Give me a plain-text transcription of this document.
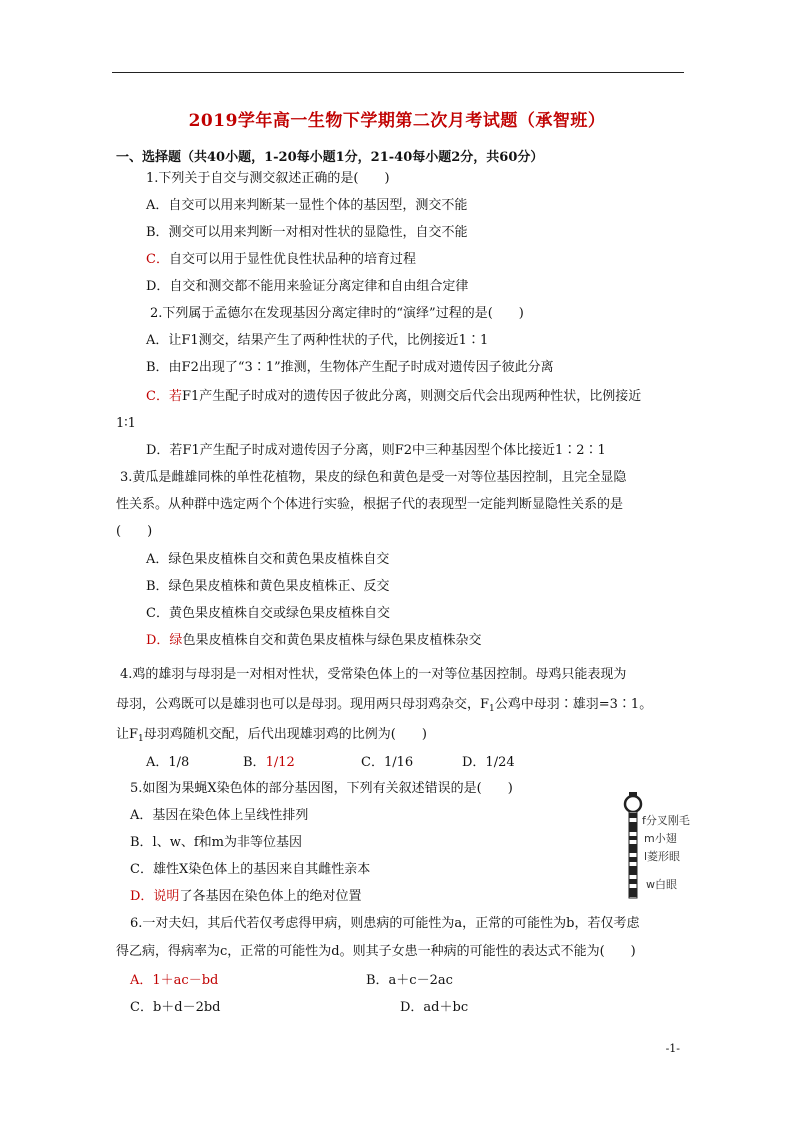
2019学年高一生物下学期第二次月考试题（承智班）
一、选择题（共40小题，1-20每小题1分，21-40每小题2分，共60分）
1.下列关于自交与测交叙述正确的是(　　)
A．自交可以用来判断某一显性个体的基因型，测交不能
B．测交可以用来判断一对相对性状的显隐性，自交不能
C．自交可以用于显性优良性状品种的培育过程
D．自交和测交都不能用来验证分离定律和自由组合定律
2.下列属于孟德尔在发现基因分离定律时的“演绎”过程的是(　　)
A．让F1测交，结果产生了两种性状的子代，比例接近1∶1
B．由F2出现了“3∶1”推测，生物体产生配子时成对遗传因子彼此分离
C．若F1产生配子时成对的遗传因子彼此分离，则测交后代会出现两种性状，比例接近
1∶1
D．若F1产生配子时成对遗传因子分离，则F2中三种基因型个体比接近1∶2∶1
3.黄瓜是雌雄同株的单性花植物，果皮的绿色和黄色是受一对等位基因控制，且完全显隐
性关系。从种群中选定两个个体进行实验，根据子代的表现型一定能判断显隐性关系的是
(　　)
A．绿色果皮植株自交和黄色果皮植株自交
B．绿色果皮植株和黄色果皮植株正、反交
C．黄色果皮植株自交或绿色果皮植株自交
D．绿色果皮植株自交和黄色果皮植株与绿色果皮植株杂交
4.鸡的雄羽与母羽是一对相对性状，受常染色体上的一对等位基因控制。母鸡只能表现为
母羽，公鸡既可以是雄羽也可以是母羽。现用两只母羽鸡杂交，$F_1$公鸡中母羽∶雄羽=3∶1。
让$F_1$母羽鸡随机交配，后代出现雄羽鸡的比例为(　　)
A．1/8	B．1/12	C．1/16	D．1/24
5.如图为果蝇X染色体的部分基因图，下列有关叙述错误的是(　　)
A．基因在染色体上呈线性排列
B．l、w、f和m为非等位基因
C．雄性X染色体上的基因来自其雌性亲本
D．说明了各基因在染色体上的绝对位置
f分叉刚毛
m小翅
l菱形眼
w白眼
6.一对夫妇，其后代若仅考虑得甲病，则患病的可能性为a，正常的可能性为b，若仅考虑
得乙病，得病率为c，正常的可能性为d。则其子女患一种病的可能性的表达式不能为(　　)
A．1＋ac－bd	B．a＋c－2ac
C．b＋d－2bd	D．ad＋bc
-1-
